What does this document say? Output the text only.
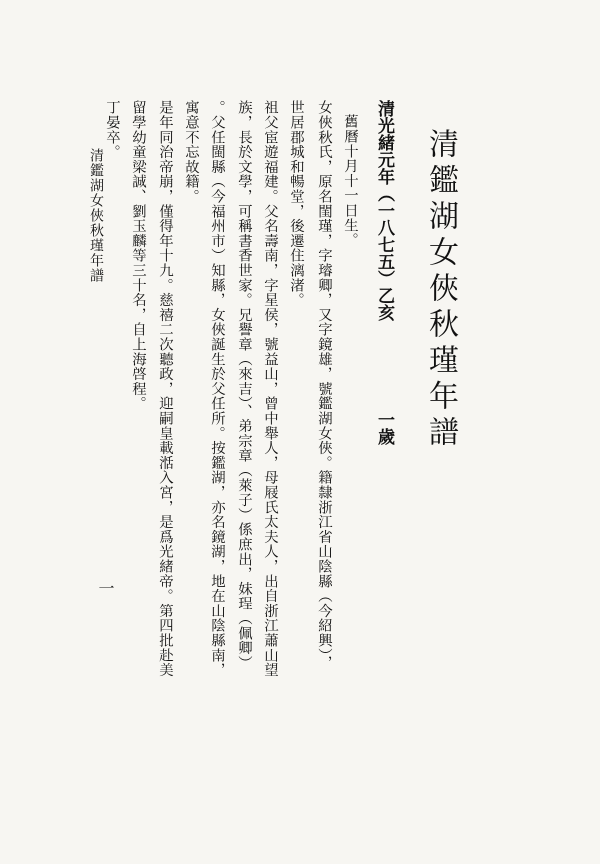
清鑑湖女俠秋瑾年譜
清光緒元年（一八七五）乙亥一歲

舊曆十月十一日生。

女俠秋氏，原名閨瑾，字璿卿，又字鏡雄，號鑑湖女俠。籍隸浙江省山陰縣（今紹興），

世居郡城和暢堂，後遷住漓渚。

祖父宦遊福建。父名壽南，字星侯，號益山，曾中舉人，母屐氏太夫人，出自浙江蕭山望

族，長於文學，可稱書香世家。兄譽章（來吉）、弟宗章（萊子）係庶出，妹珵（佩卿）

。父任閩縣（今福州市）知縣，女俠誕生於父任所。按鑑湖，亦名鏡湖，地在山陰縣南，

寓意不忘故籍。

是年同治帝崩，僅得年十九。慈禧二次聽政，迎嗣皇載湉入宮，是爲光緒帝。第四批赴美

留學幼童梁誠、劉玉麟等三十名，自上海啓程。

丁晏卒。

清鑑湖女俠秋瑾年譜
一
